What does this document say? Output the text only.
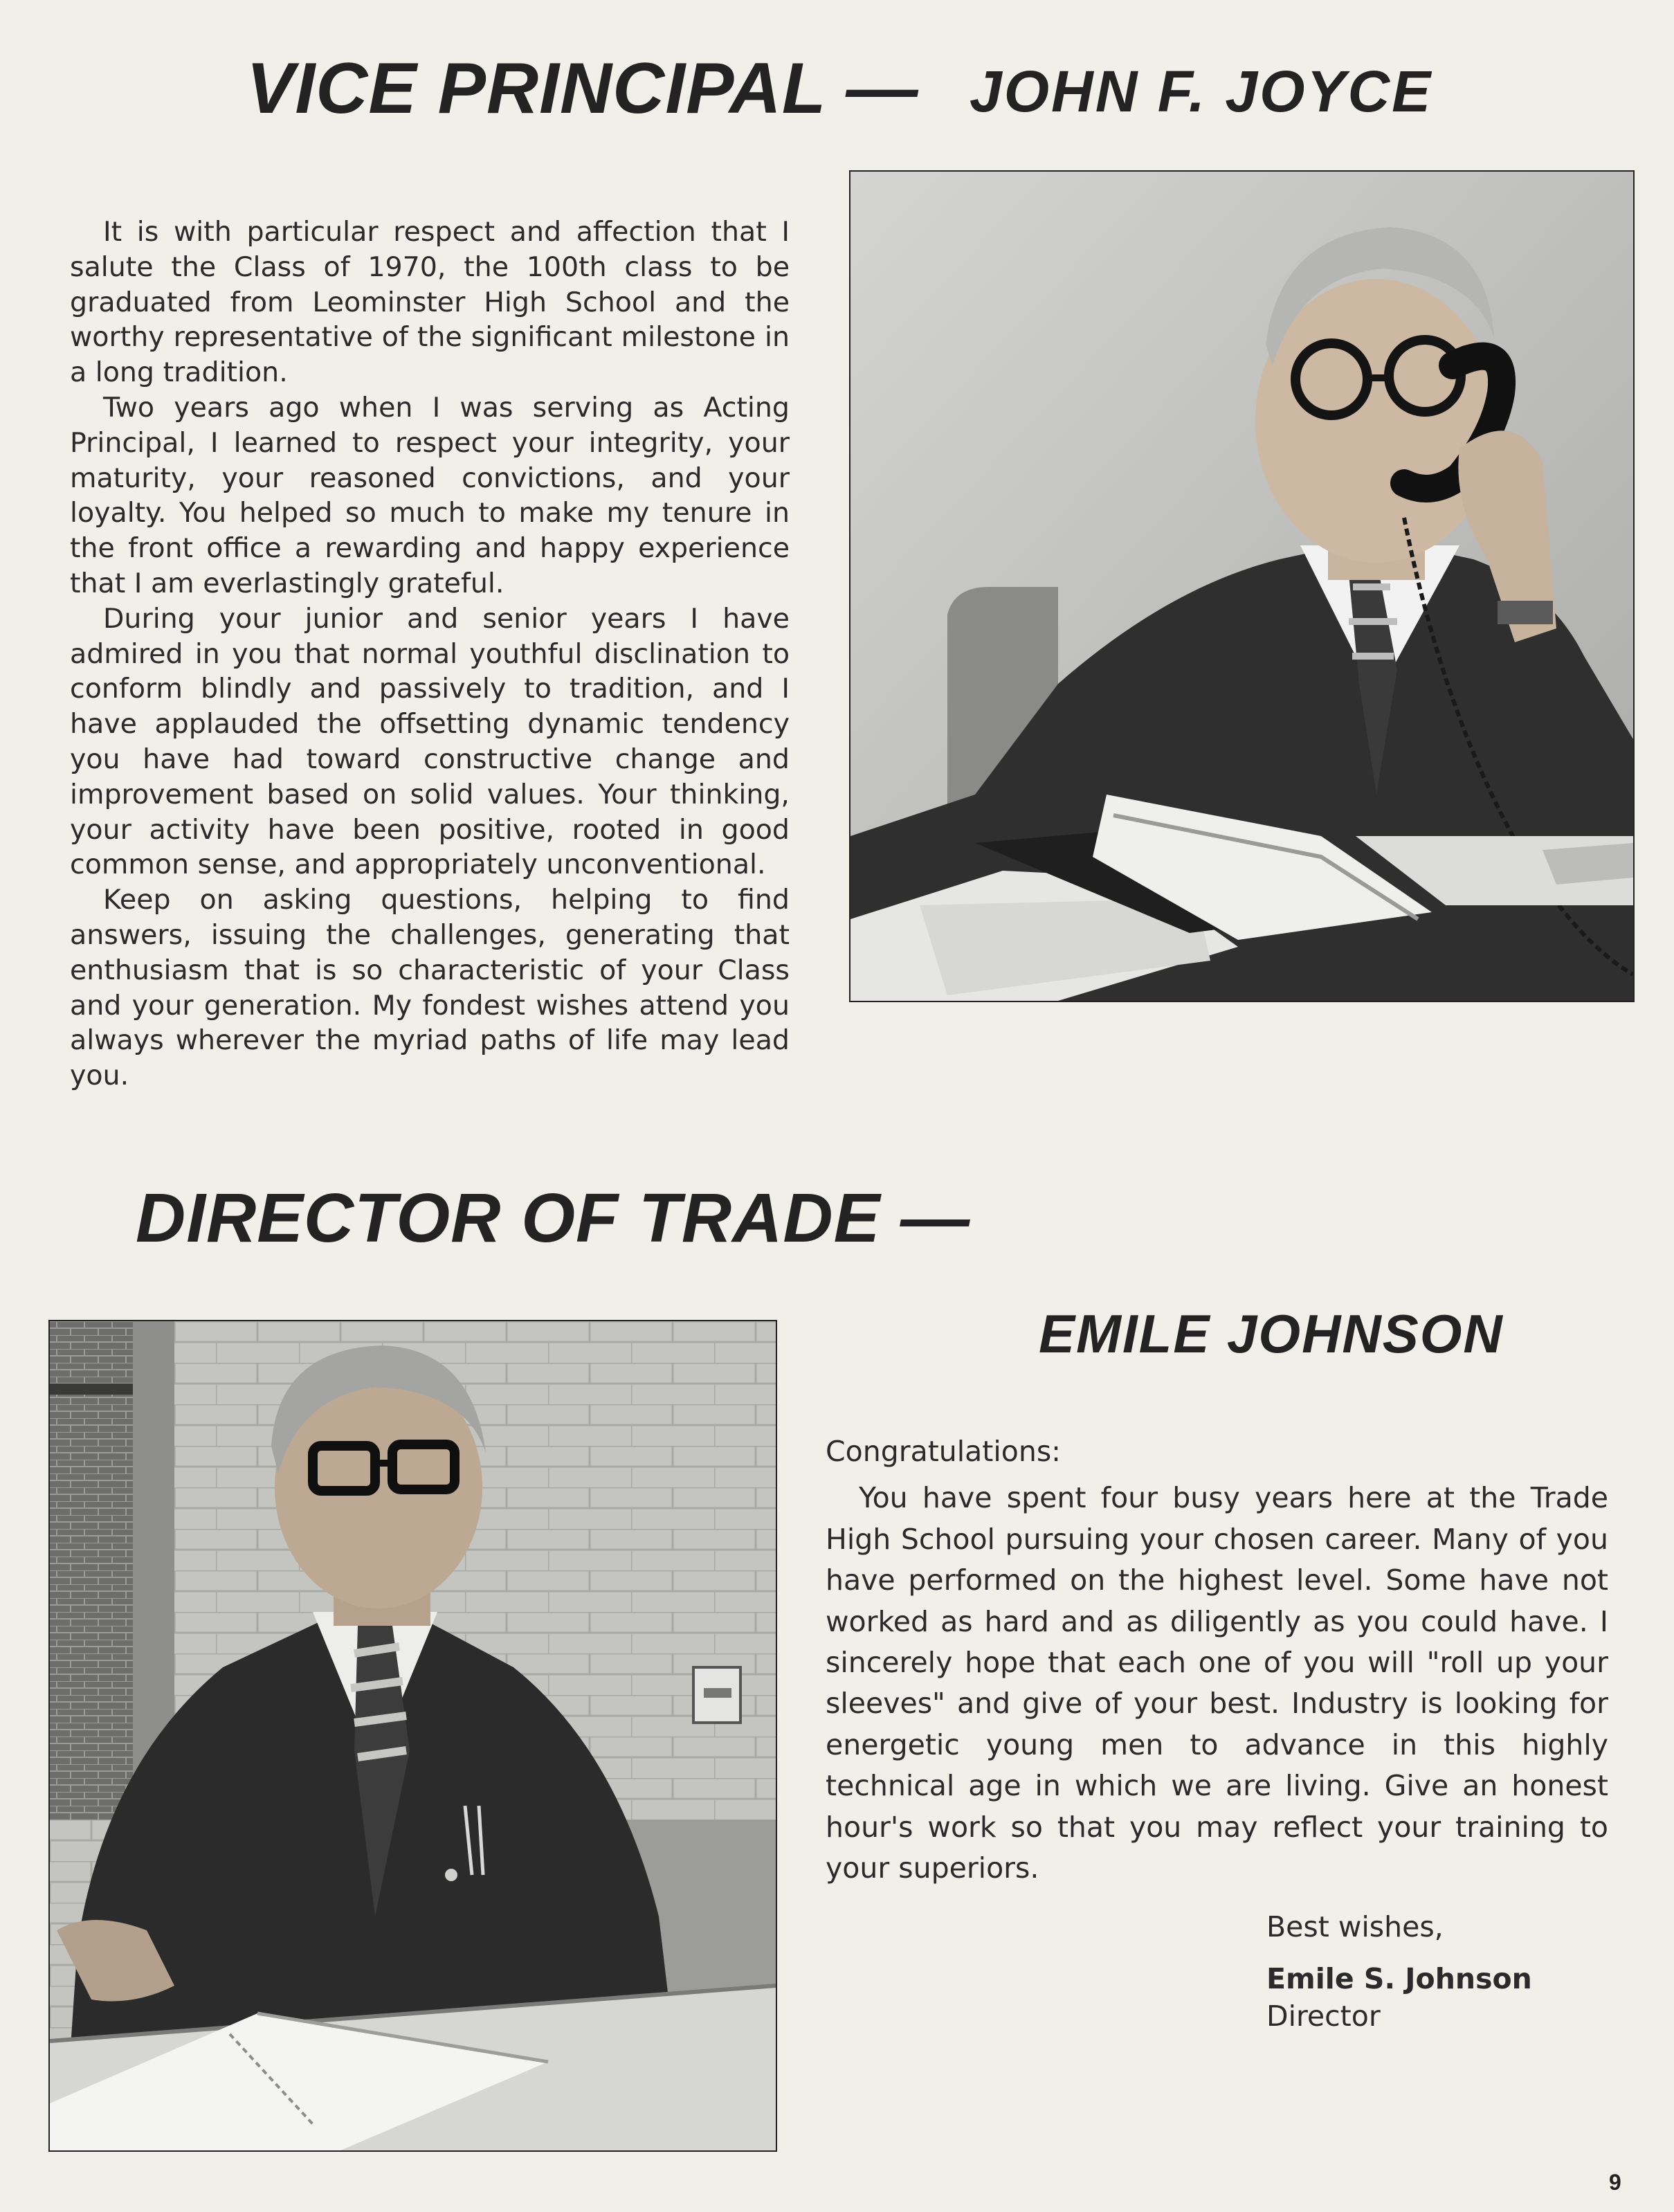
VICE PRINCIPAL — JOHN F. JOYCE

It is with particular respect and affection that I salute the Class of 1970, the 100th class to be graduated from Leominster High School and the worthy representative of the significant milestone in a long tradition.

Two years ago when I was serving as Acting Principal, I learned to respect your integrity, your maturity, your reasoned convictions, and your loyalty. You helped so much to make my tenure in the front office a rewarding and happy experience that I am everlastingly grateful.

During your junior and senior years I have admired in you that normal youthful disclination to conform blindly and passively to tradition, and I have applauded the offsetting dynamic tendency you have had toward constructive change and improvement based on solid values. Your thinking, your activity have been positive, rooted in good common sense, and appropriately unconventional.

Keep on asking questions, helping to find answers, issuing the challenges, generating that enthusiasm that is so characteristic of your Class and your generation. My fondest wishes attend you always wherever the myriad paths of life may lead you.

DIRECTOR OF TRADE —
EMILE JOHNSON

Congratulations:

You have spent four busy years here at the Trade High School pursuing your chosen career. Many of you have performed on the highest level. Some have not worked as hard and as diligently as you could have. I sincerely hope that each one of you will "roll up your sleeves" and give of your best. Industry is looking for energetic young men to advance in this highly technical age in which we are living. Give an honest hour's work so that you may reflect your training to your superiors.

Best wishes,

Emile S. Johnson

Director

9
